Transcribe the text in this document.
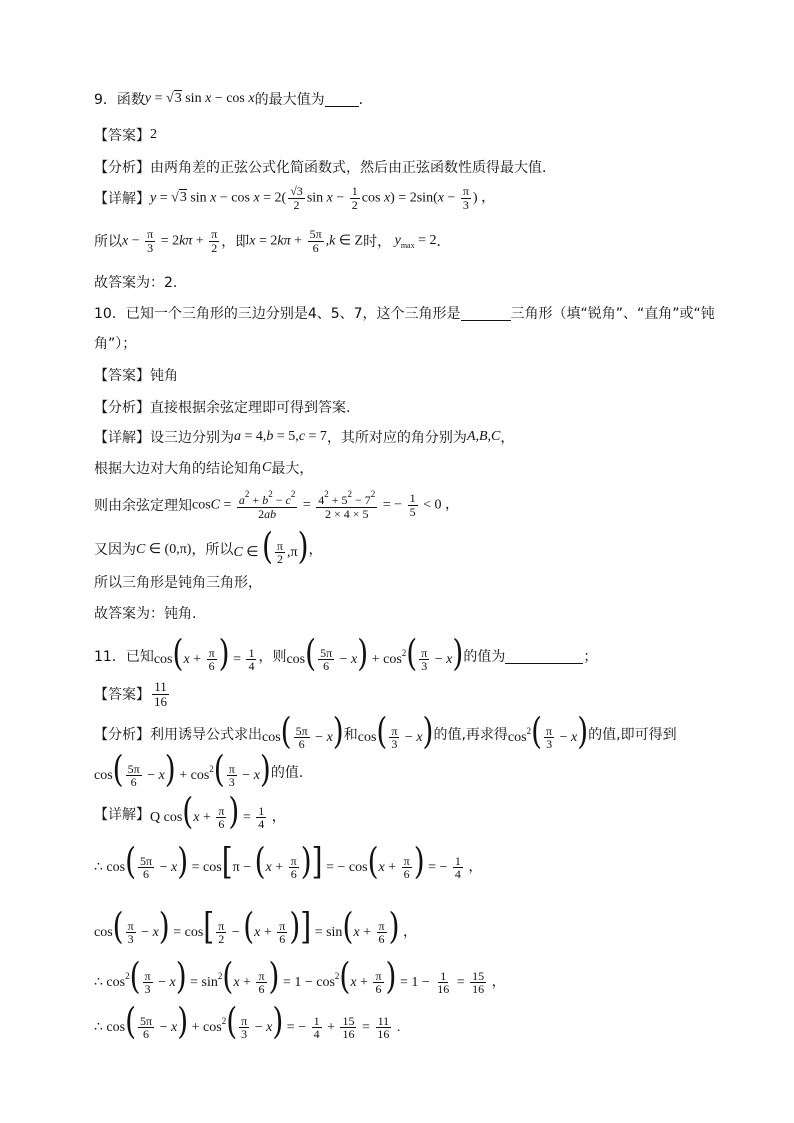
9．函数 y = √3 sin x − cos x 的最大值为 ．
【答案】 2
【分析】 由两角差的正弦公式化简函数式，然后由正弦函数性质得最大值．
【详解】 y = √3 $\sin x - \cos x = 2( \frac{√3}{2}$ $\sin x - \frac{1}{2}$ $\cos x) = 2\sin(x - \frac{\pi}{3}$ ) ，
所以 $x - \frac{\pi}{3} = 2k\pi + \frac{\pi}{2}$ ，即 $x = 2k\pi + \frac{5\pi}{6} ,k$ ∈ Z 时， $y_{max} = 2$ ．
故答案为：2.
10．已知一个三角形的三边分别是4、5、7，这个三角形是	三角形（填“锐角”、“直角”或“钝
角”）；
【答案】 钝角
【分析】 直接根据余弦定理即可得到答案.
【详解】 设三边分别为 a = 4,b = 5,c = 7 ，其所对应的角分别为 A,B,C ，
根据大边对大角的结论知角 C 最大，
则由余弦定理知 $\cos C = \frac{a^2 + b^2 - c^2}{2ab} = \frac{4^2 + 5^2 - 7^2}{2 \times 4 \times 5}$ = − $\frac{1}{5} < 0$ ，
又因为 C ∈ (0,π) ，所以 C ∈ ( $\frac{\pi}{2} ,\pi$) ，
所以三角形是钝角三角形，
故答案为：钝角.
11．已知 $\cos(x + \frac{\pi}{6}$ ) = $\frac{1}{4}$ ，则 $\cos( \frac{5\pi}{6} - x) + \cos^2( \frac{\pi}{3} - x)$ 的值为	；
【答案】 $\frac{11}{16}$
【分析】 利用诱导公式求出 $\cos( \frac{5\pi}{6} - x)$ 和 $\cos( \frac{\pi}{3} - x)$ 的值,再求得 $\cos^2( \frac{\pi}{3} - x)$ 的值,即可得到
$\cos( \frac{5\pi}{6} - x) + \cos^2( \frac{\pi}{3} - x)$ 的值.
【详解】 Q $\cos(x + \frac{\pi}{6}$ ) = $\frac{1}{4}$ ，
∴ $\cos( \frac{5\pi}{6} - x) = \cos[\pi - (x + \frac{\pi}{6}$ )] = − $\cos(x + \frac{\pi}{6}$ ) = − $\frac{1}{4}$ ，
$\cos( \frac{\pi}{3} - x) = \cos[ \frac{\pi}{2} - (x + \frac{\pi}{6}$ )] = $\sin(x + \frac{\pi}{6}$ ) ，
∴ $\cos^2( \frac{\pi}{3} - x) = \sin^2(x + \frac{\pi}{6}$ ) = $1 - \cos^2(x + \frac{\pi}{6}$ ) = $1 - \frac{1}{16} = \frac{15}{16}$ ，
∴ $\cos( \frac{5\pi}{6} - x) + \cos^2( \frac{\pi}{3} - x)$ = − $\frac{1}{4} + \frac{15}{16} = \frac{11}{16}$ .
